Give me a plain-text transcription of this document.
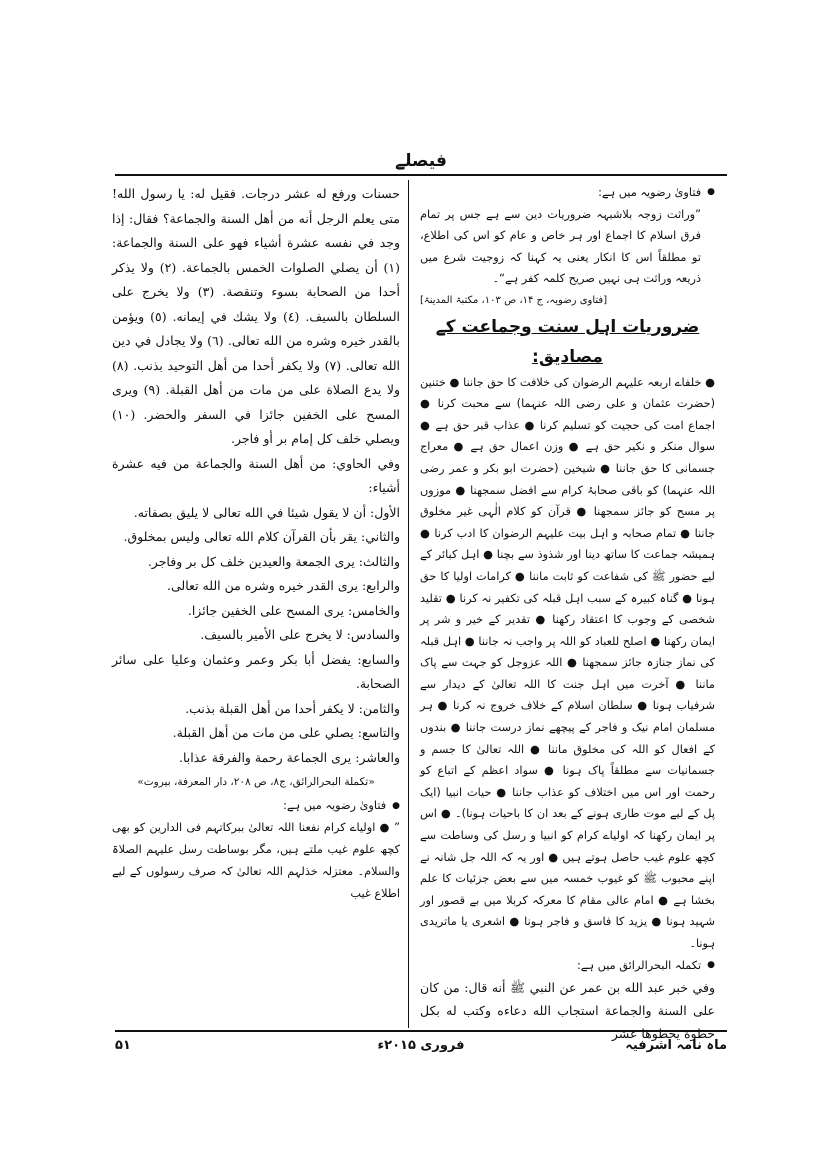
فیصلے

●
فتاویٰ رضویہ میں ہے:

”وراثت زوجہ بلاشبہہ ضروریات دین سے ہے جس پر تمام فرق اسلام کا اجماع اور ہر خاص و عام کو اس کی اطلاع، تو مطلقاً اس کا انکار یعنی یہ کہنا کہ زوجیت شرع میں ذریعہ وراثت ہی نہیں صریح کلمہ کفر ہے“۔

[فتاوی رضویہ، ج ۱۴، ص ۱۰۳، مکتبۃ المدینۃ]

ضروریات اہل سنت وجماعت کے مصادیق:

● خلفاے اربعہ علیہم الرضوان کی خلافت کا حق جاننا ● ختنین (حضرت عثمان و علی رضی اللہ عنہما) سے محبت کرنا ● اجماع امت کی حجیت کو تسلیم کرنا ● عذاب قبر حق ہے ● سوال منکر و نکیر حق ہے ● وزن اعمال حق ہے ● معراج جسمانی کا حق جاننا ● شیخین (حضرت ابو بکر و عمر رضی اللہ عنہما) کو باقی صحابۂ کرام سے افضل سمجھنا ● موزوں پر مسح کو جائز سمجھنا ● قرآن کو کلام الٰہی غیر مخلوق جاننا ● تمام صحابہ و اہل بیت علیہم الرضوان کا ادب کرنا ● ہمیشہ جماعت کا ساتھ دینا اور شذوذ سے بچنا ● اہل کبائر کے لیے حضور ﷺ کی شفاعت کو ثابت ماننا ● کرامات اولیا کا حق ہونا ● گناہ کبیرہ کے سبب اہل قبلہ کی تکفیر نہ کرنا ● تقلید شخصی کے وجوب کا اعتقاد رکھنا ● تقدیر کے خیر و شر پر ایمان رکھنا ● اصلح للعباد کو اللہ پر واجب نہ جاننا ● اہل قبلہ کی نماز جنازہ جائز سمجھنا ● اللہ عزوجل کو جہت سے پاک ماننا ● آخرت میں اہل جنت کا اللہ تعالیٰ کے دیدار سے شرفیاب ہونا ● سلطان اسلام کے خلاف خروج نہ کرنا ● ہر مسلمان امام نیک و فاجر کے پیچھے نماز درست جاننا ● بندوں کے افعال کو اللہ کی مخلوق ماننا ● اللہ تعالیٰ کا جسم و جسمانیات سے مطلقاً پاک ہونا ● سواد اعظم کے اتباع کو رحمت اور اس میں اختلاف کو عذاب جاننا ● حیات انبیا (ایک پل کے لیے موت طاری ہونے کے بعد ان کا باحیات ہونا)۔ ● اس پر ایمان رکھنا کہ اولیاے کرام کو انبیا و رسل کی وساطت سے کچھ علوم غیب حاصل ہوتے ہیں ● اور یہ کہ اللہ جل شانہ نے اپنے محبوب ﷺ کو غیوب خمسہ میں سے بعض جزئیات کا علم بخشا ہے ● امام عالی مقام کا معرکہ کربلا میں بے قصور اور شہید ہونا ● یزید کا فاسق و فاجر ہونا ● اشعری یا ماتریدی ہونا۔

●
تکملہ البحرالرائق میں ہے:

وفي خبر عبد الله بن عمر عن النبي ﷺ أنه قال: من كان على السنة والجماعة استجاب الله دعاءه وكتب له بكل خطوة يخطوها عشر

حسنات ورفع له عشر درجات. فقيل له: يا رسول الله! متى يعلم الرجل أنه من أهل السنة والجماعة؟ فقال: إذا وجد في نفسه عشرة أشياء فهو على السنة والجماعة: (١) أن يصلي الصلوات الخمس بالجماعة. (٢) ولا يذكر أحدا من الصحابة بسوء وتنقصة. (٣) ولا يخرج على السلطان بالسيف. (٤) ولا يشك في إيمانه. (٥) ويؤمن بالقدر خيره وشره من الله تعالى. (٦) ولا يجادل في دين الله تعالى. (٧) ولا يكفر أحدا من أهل التوحيد بذنب. (٨) ولا يدع الصلاة على من مات من أهل القبلة. (٩) ويرى المسح على الخفين جائزا في السفر والحضر. (١٠) ويصلي خلف كل إمام بر أو فاجر.

وفي الحاوي: من أهل السنة والجماعة من فيه عشرة أشياء:

الأول: أن لا يقول شيئا في الله تعالى لا يليق بصفاته.

والثاني: يقر بأن القرآن كلام الله تعالى وليس بمخلوق.

والثالث: يرى الجمعة والعيدين خلف كل بر وفاجر.

والرابع: يرى القدر خيره وشره من الله تعالى.

والخامس: يرى المسح على الخفين جائزا.

والسادس: لا يخرج على الأمير بالسيف.

والسابع: يفضل أبا بكر وعمر وعثمان وعليا على سائر الصحابة.

والثامن: لا يكفر أحدا من أهل القبلة بذنب.

والتاسع: يصلي على من مات من أهل القبلة.

والعاشر: يرى الجماعة رحمة والفرقة عذابا.

«تكملة البحرالرائق، ج٨، ص ٢٠٨، دار المعرفة، بيروت»

●
فتاویٰ رضویہ میں ہے:

” ● اولیاے کرام نفعنا اللہ تعالیٰ ببرکاتہم فی الدارین کو بھی کچھ علوم غیب ملتے ہیں، مگر بوساطت رسل علیہم الصلاۃ والسلام۔ معتزلہ خذلہم اللہ تعالیٰ کہ صرف رسولوں کے لیے اطلاع غیب

۵۱	فروری ۲۰۱۵ء	ماہ نامہ اشرفیہ
